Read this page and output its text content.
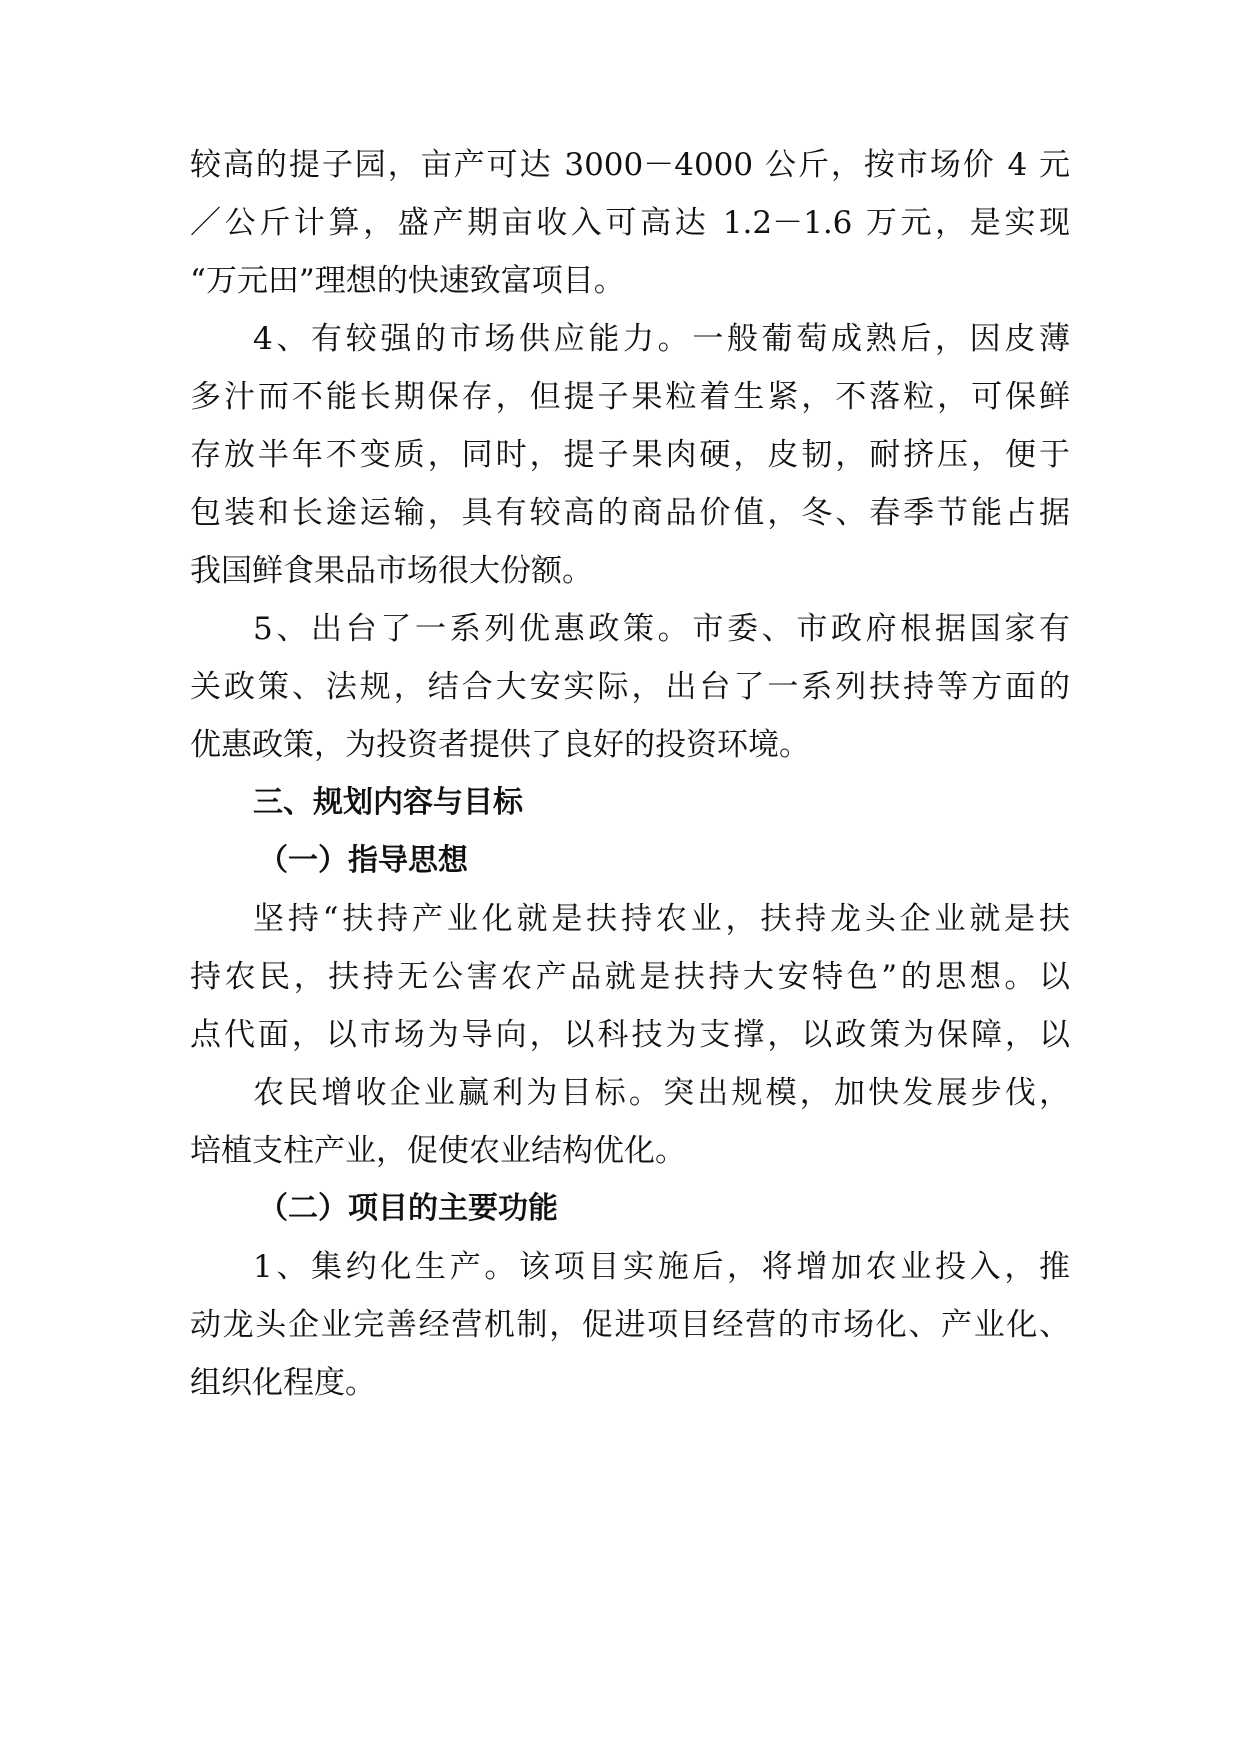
较高的提子园，亩产可达 3000－4000 公斤，按市场价 4 元
／公斤计算，盛产期亩收入可高达 1.2－1.6 万元，是实现
“万元田”理想的快速致富项目。
4、有较强的市场供应能力。一般葡萄成熟后，因皮薄
多汁而不能长期保存，但提子果粒着生紧，不落粒，可保鲜
存放半年不变质，同时，提子果肉硬，皮韧，耐挤压，便于
包装和长途运输，具有较高的商品价值，冬、春季节能占据
我国鲜食果品市场很大份额。
5、出台了一系列优惠政策。市委、市政府根据国家有
关政策、法规，结合大安实际，出台了一系列扶持等方面的
优惠政策，为投资者提供了良好的投资环境。
三、规划内容与目标
（一）指导思想
坚持“扶持产业化就是扶持农业，扶持龙头企业就是扶
持农民，扶持无公害农产品就是扶持大安特色”的思想。以
点代面，以市场为导向，以科技为支撑，以政策为保障，以
农民增收企业赢利为目标。突出规模，加快发展步伐，
培植支柱产业，促使农业结构优化。
（二）项目的主要功能
1、集约化生产。该项目实施后，将增加农业投入，推
动龙头企业完善经营机制，促进项目经营的市场化、产业化、
组织化程度。
